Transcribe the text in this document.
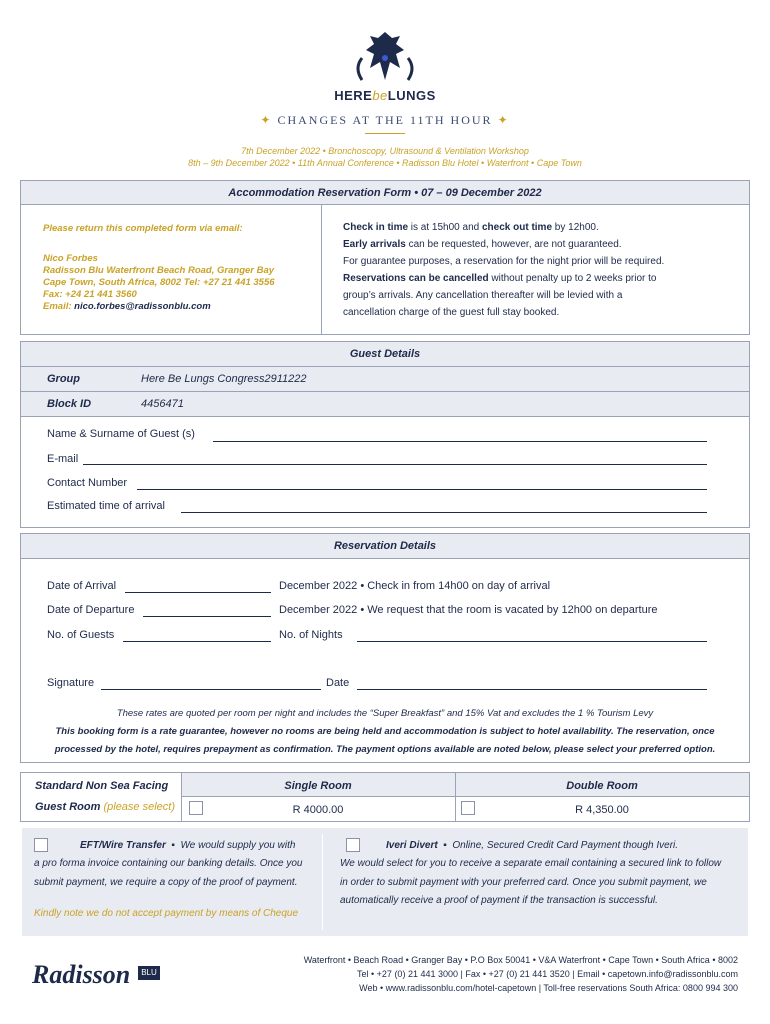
HEREbeLUNGS
✦ CHANGES AT THE 11TH HOUR ✦
7th December 2022 • Bronchoscopy, Ultrasound & Ventilation Workshop
8th – 9th December 2022 • 11th Annual Conference • Radisson Blu Hotel • Waterfront • Cape Town
Accommodation Reservation Form • 07 – 09 December 2022
Please return this completed form via email:
Nico Forbes
Radisson Blu Waterfront Beach Road, Granger Bay
Cape Town, South Africa, 8002 Tel: +27 21 441 3556
Fax: +24 21 441 3560
Email: nico.forbes@radissonblu.com
Check in time is at 15h00 and check out time by 12h00.
Early arrivals can be requested, however, are not guaranteed.
For guarantee purposes, a reservation for the night prior will be required.
Reservations can be cancelled without penalty up to 2 weeks prior to
group’s arrivals. Any cancellation thereafter will be levied with a
cancellation charge of the guest full stay booked.
Guest Details
Group	Here Be Lungs Congress2911222
Block ID	4456471
Name & Surname of Guest (s)
E-mail
Contact Number
Estimated time of arrival
Reservation Details
Date of Arrival	December 2022 • Check in from 14h00 on day of arrival
Date of Departure	December 2022 • We request that the room is vacated by 12h00 on departure
No. of Guests	No. of Nights
Signature	Date
These rates are quoted per room per night and includes the “Super Breakfast” and 15% Vat and excludes the 1 % Tourism Levy
This booking form is a rate guarantee, however no rooms are being held and accommodation is subject to hotel availability. The reservation, once
processed by the hotel, requires prepayment as confirmation. The payment options available are noted below, please select your preferred option.
Standard Non Sea Facing
Guest Room (please select)
Single Room	Double Room
R 4000.00	R 4,350.00
EFT/Wire Transfer  ▪  We would supply you with
a pro forma invoice containing our banking details. Once you
submit payment, we require a copy of the proof of payment.
Kindly note we do not accept payment by means of Cheque
Iveri Divert  ▪  Online, Secured Credit Card Payment though Iveri.
We would select for you to receive a separate email containing a secured link to follow
in order to submit payment with your preferred card. Once you submit payment, we
automatically receive a proof of payment if the transaction is successful.
Radisson	BLU
Waterfront • Beach Road • Granger Bay • P.O Box 50041 • V&A Waterfront • Cape Town • South Africa • 8002
Tel • +27 (0) 21 441 3000 | Fax • +27 (0) 21 441 3520 | Email • capetown.info@radissonblu.com
Web • www.radissonblu.com/hotel-capetown | Toll-free reservations South Africa: 0800 994 300
